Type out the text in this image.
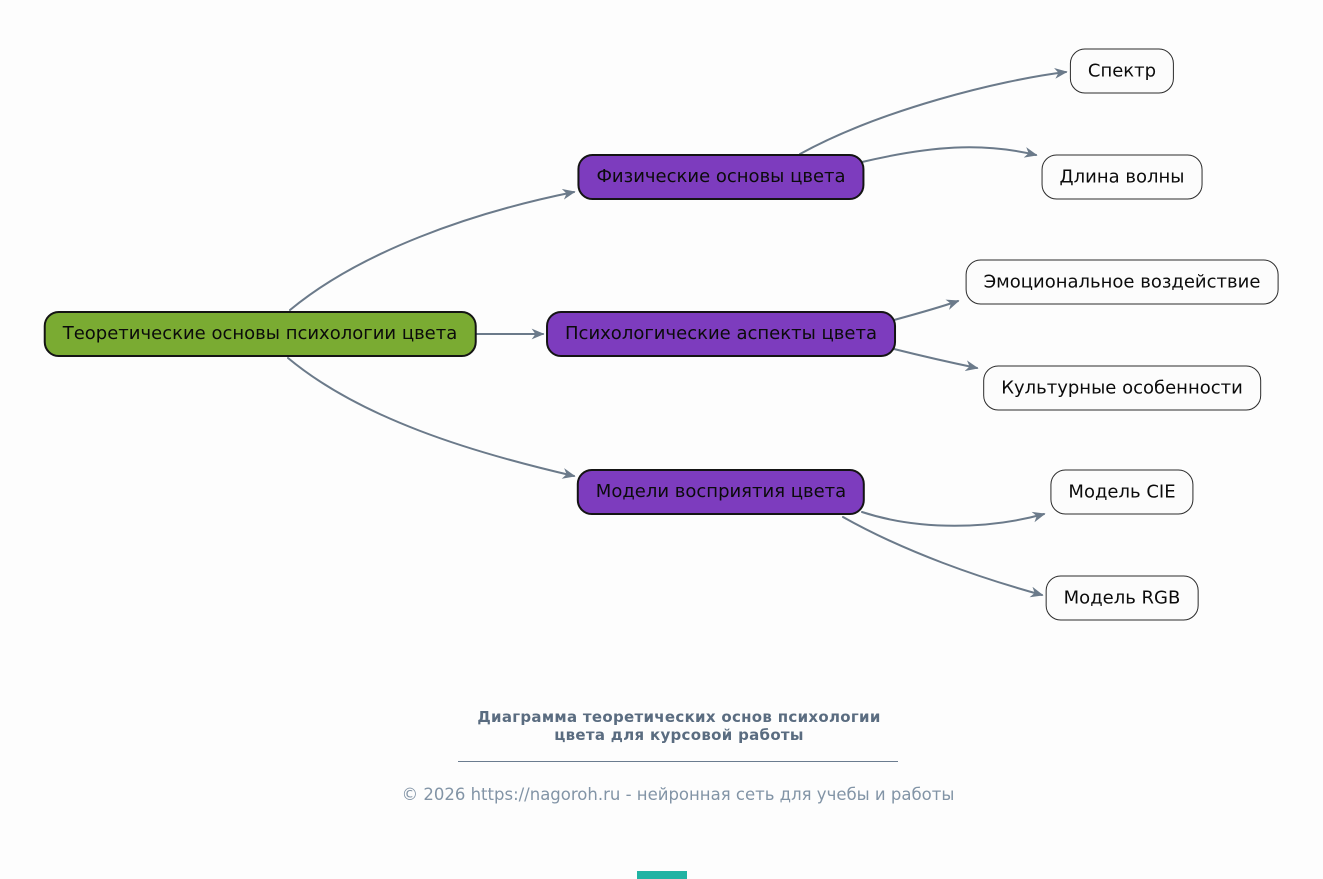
Теоретические основы психологии цвета
Физические основы цвета
Психологические аспекты цвета
Модели восприятия цвета
Спектр
Длина волны
Эмоциональное воздействие
Культурные особенности
Модель CIE
Модель RGB
Диаграмма теоретических основ психологии
цвета для курсовой работы
© 2026 https://nagoroh.ru - нейронная сеть для учебы и работы
